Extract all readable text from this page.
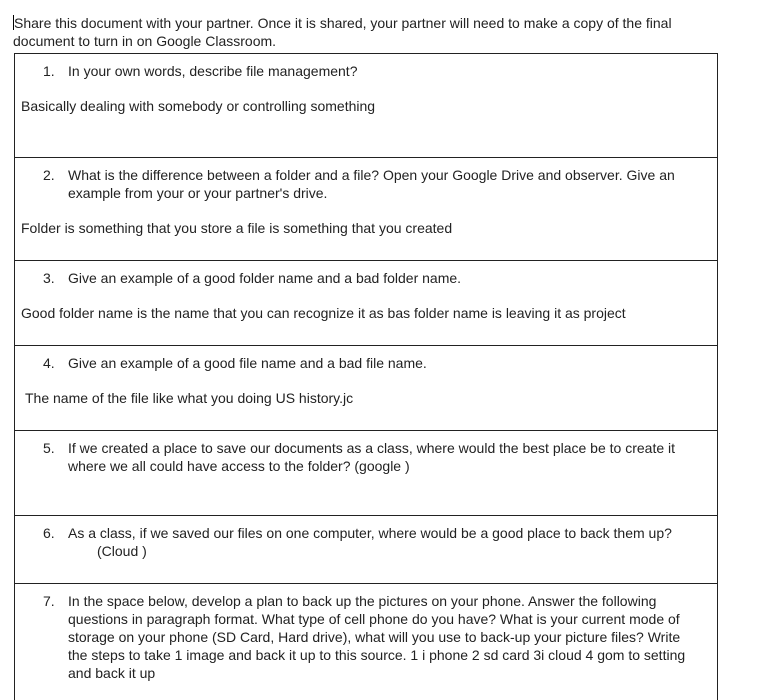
Share this document with your partner. Once it is shared, your partner will need to make a copy of the final document to turn in on Google Classroom.
1. In your own words, describe file management?
Basically dealing with somebody or controlling something
2. What is the difference between a folder and a file? Open your Google Drive and observer. Give an example from your or your partner's drive.
Folder is something that you store a file is something that you created
3. Give an example of a good folder name and a bad folder name.
Good folder name is the name that you can recognize it as bas folder name is leaving it as project
4. Give an example of a good file name and a bad file name.
The name of the file like what you doing US history.jc
5. If we created a place to save our documents as a class, where would the best place be to create it where we all could have access to the folder? (google )
6. As a class, if we saved our files on one computer, where would be a good place to back them up?
(Cloud )
7. In the space below, develop a plan to back up the pictures on your phone. Answer the following questions in paragraph format. What type of cell phone do you have? What is your current mode of storage on your phone (SD Card, Hard drive), what will you use to back-up your picture files? Write the steps to take 1 image and back it up to this source. 1 i phone 2 sd card 3i cloud 4 gom to setting and back it up
